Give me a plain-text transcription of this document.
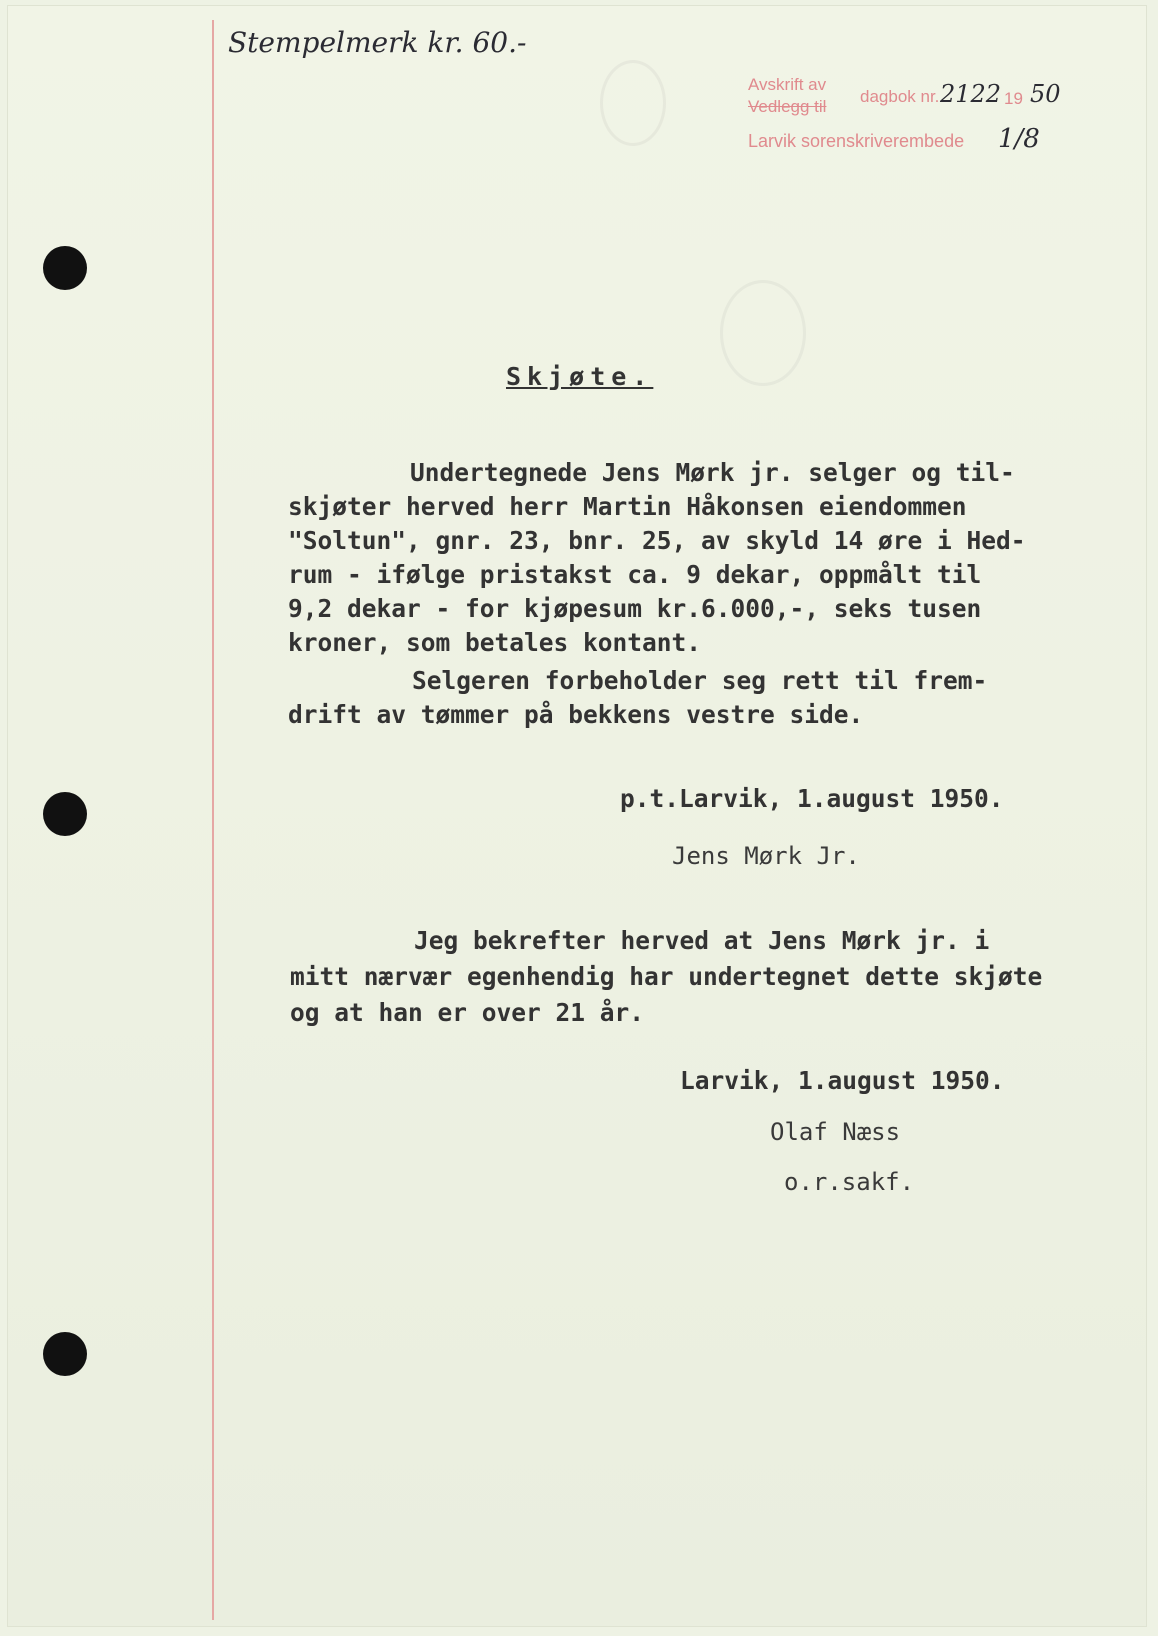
Stempelmerk kr. 60.-
Avskrift av
Vedlegg til
dagbok nr. 2122 19 50
Larvik sorenskriverembede 1/8
Skjøte.
Undertegnede Jens Mørk jr. selger og til-
skjøter herved herr Martin Håkonsen eiendommen
"Soltun", gnr. 23, bnr. 25, av skyld 14 øre i Hed-
rum - ifølge pristakst ca. 9 dekar, oppmålt til
9,2 dekar - for kjøpesum kr.6.000,-, seks tusen
kroner, som betales kontant.
Selgeren forbeholder seg rett til frem-
drift av tømmer på bekkens vestre side.
p.t.Larvik, 1.august 1950.
Jens Mørk Jr.
Jeg bekrefter herved at Jens Mørk jr. i
mitt nærvær egenhendig har undertegnet dette skjøte
og at han er over 21 år.
Larvik, 1.august 1950.
Olaf Næss
o.r.sakf.
